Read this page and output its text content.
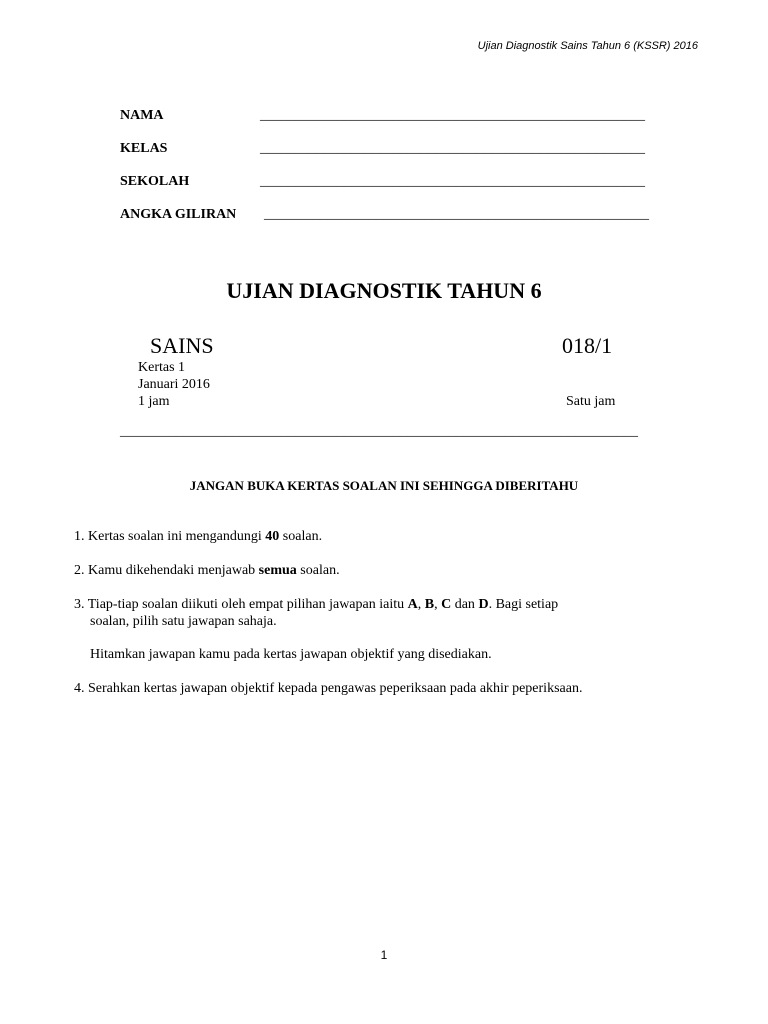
Ujian Diagnostik Sains Tahun 6 (KSSR) 2016
NAMA	_______________________________________________________
KELAS	_______________________________________________________
SEKOLAH	_______________________________________________________
ANGKA GILIRAN _______________________________________________________
UJIAN DIAGNOSTIK TAHUN 6
SAINS	018/1
Kertas 1
Januari 2016
1 jam	Satu jam
__________________________________________________________________________
JANGAN BUKA KERTAS SOALAN INI SEHINGGA DIBERITAHU
1. Kertas soalan ini mengandungi 40 soalan.
2. Kamu dikehendaki menjawab semua soalan.
3. Tiap-tiap soalan diikuti oleh empat pilihan jawapan iaitu A, B, C dan D. Bagi setiap
soalan, pilih satu jawapan sahaja.
Hitamkan jawapan kamu pada kertas jawapan objektif yang disediakan.
4. Serahkan kertas jawapan objektif kepada pengawas peperiksaan pada akhir peperiksaan.
1
